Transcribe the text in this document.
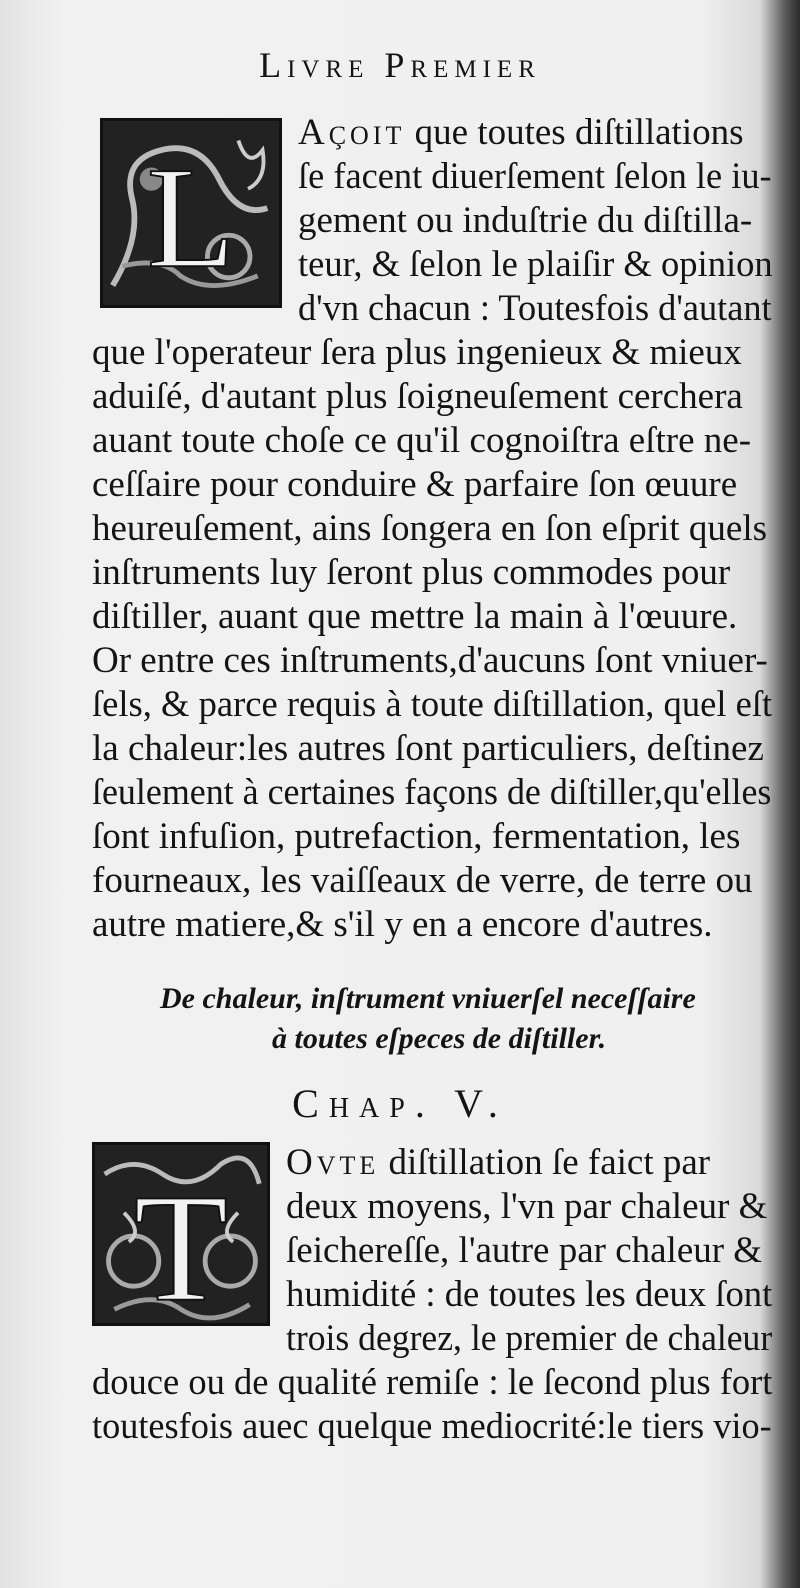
Livre Premier
L
Açoit que toutes diſtillations
ſe facent diuerſement ſelon le iu-
gement ou induſtrie du diſtilla-
teur, & ſelon le plaiſir & opinion
d'vn chacun : Toutesfois d'autant
que l'operateur ſera plus ingenieux & mieux
aduiſé, d'autant plus ſoigneuſement cerchera
auant toute choſe ce qu'il cognoiſtra eſtre ne-
ceſſaire pour conduire & parfaire ſon œuure
heureuſement, ains ſongera en ſon eſprit quels
inſtruments luy ſeront plus commodes pour
diſtiller, auant que mettre la main à l'œuure.
Or entre ces inſtruments,d'aucuns ſont vniuer-
ſels, & parce requis à toute diſtillation, quel eſt
la chaleur:les autres ſont particuliers, deſtinez
ſeulement à certaines façons de diſtiller,qu'elles
ſont infuſion, putrefaction, fermentation, les
fourneaux, les vaiſſeaux de verre, de terre ou
autre matiere,& s'il y en a encore d'autres.
De chaleur, inſtrument vniuerſel neceſſaire
à toutes eſpeces de diſtiller.
Chap. V.
T
Ovte diſtillation ſe faict par
deux moyens, l'vn par chaleur &
ſeichereſſe, l'autre par chaleur &
humidité : de toutes les deux ſont
trois degrez, le premier de chaleur
douce ou de qualité remiſe : le ſecond plus fort
toutesfois auec quelque mediocrité:le tiers vio-
